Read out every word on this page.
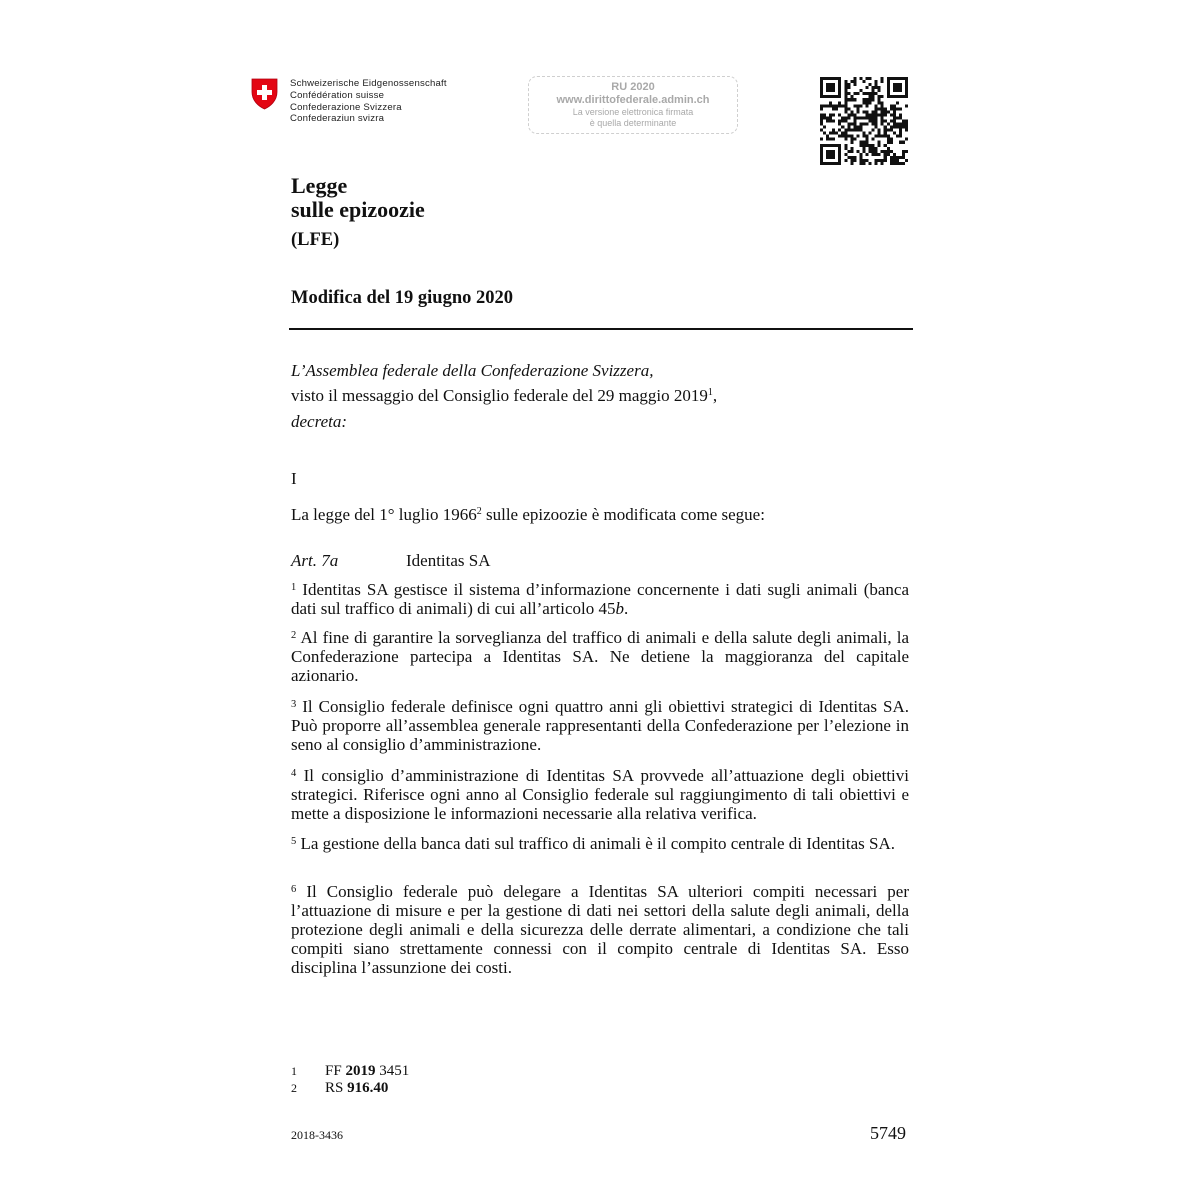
Schweizerische Eidgenossenschaft
Confédération suisse
Confederazione Svizzera
Confederaziun svizra
RU 2020
www.dirittofederale.admin.ch
La versione elettronica firmata
è quella determinante
Legge
sulle epizoozie
(LFE)
Modifica del 19 giugno 2020
L’Assemblea federale della Confederazione Svizzera,
visto il messaggio del Consiglio federale del 29 maggio 2019$^1$,
decreta:
I
La legge del 1° luglio 1966$^2$ sulle epizoozie è modificata come segue:
Art. 7a	Identitas SA
$^1$ Identitas SA gestisce il sistema d’informazione concernente i dati sugli animali (banca dati sul traffico di animali) di cui all’articolo 45b.
$^2$ Al fine di garantire la sorveglianza del traffico di animali e della salute degli animali, la Confederazione partecipa a Identitas SA. Ne detiene la maggioranza del capitale azionario.
$^3$ Il Consiglio federale definisce ogni quattro anni gli obiettivi strategici di Identitas SA. Può proporre all’assemblea generale rappresentanti della Confederazione per l’elezione in seno al consiglio d’amministrazione.
$^4$ Il consiglio d’amministrazione di Identitas SA provvede all’attuazione degli obiettivi strategici. Riferisce ogni anno al Consiglio federale sul raggiungimento di tali obiettivi e mette a disposizione le informazioni necessarie alla relativa verifica.
$^5$ La gestione della banca dati sul traffico di animali è il compito centrale di Identitas SA.
$^6$ Il Consiglio federale può delegare a Identitas SA ulteriori compiti necessari per l’attuazione di misure e per la gestione di dati nei settori della salute degli animali, della protezione degli animali e della sicurezza delle derrate alimentari, a condizione che tali compiti siano strettamente connessi con il compito centrale di Identitas SA. Esso disciplina l’assunzione dei costi.
1 FF 2019 3451
2 RS 916.40
2018-3436	5749
